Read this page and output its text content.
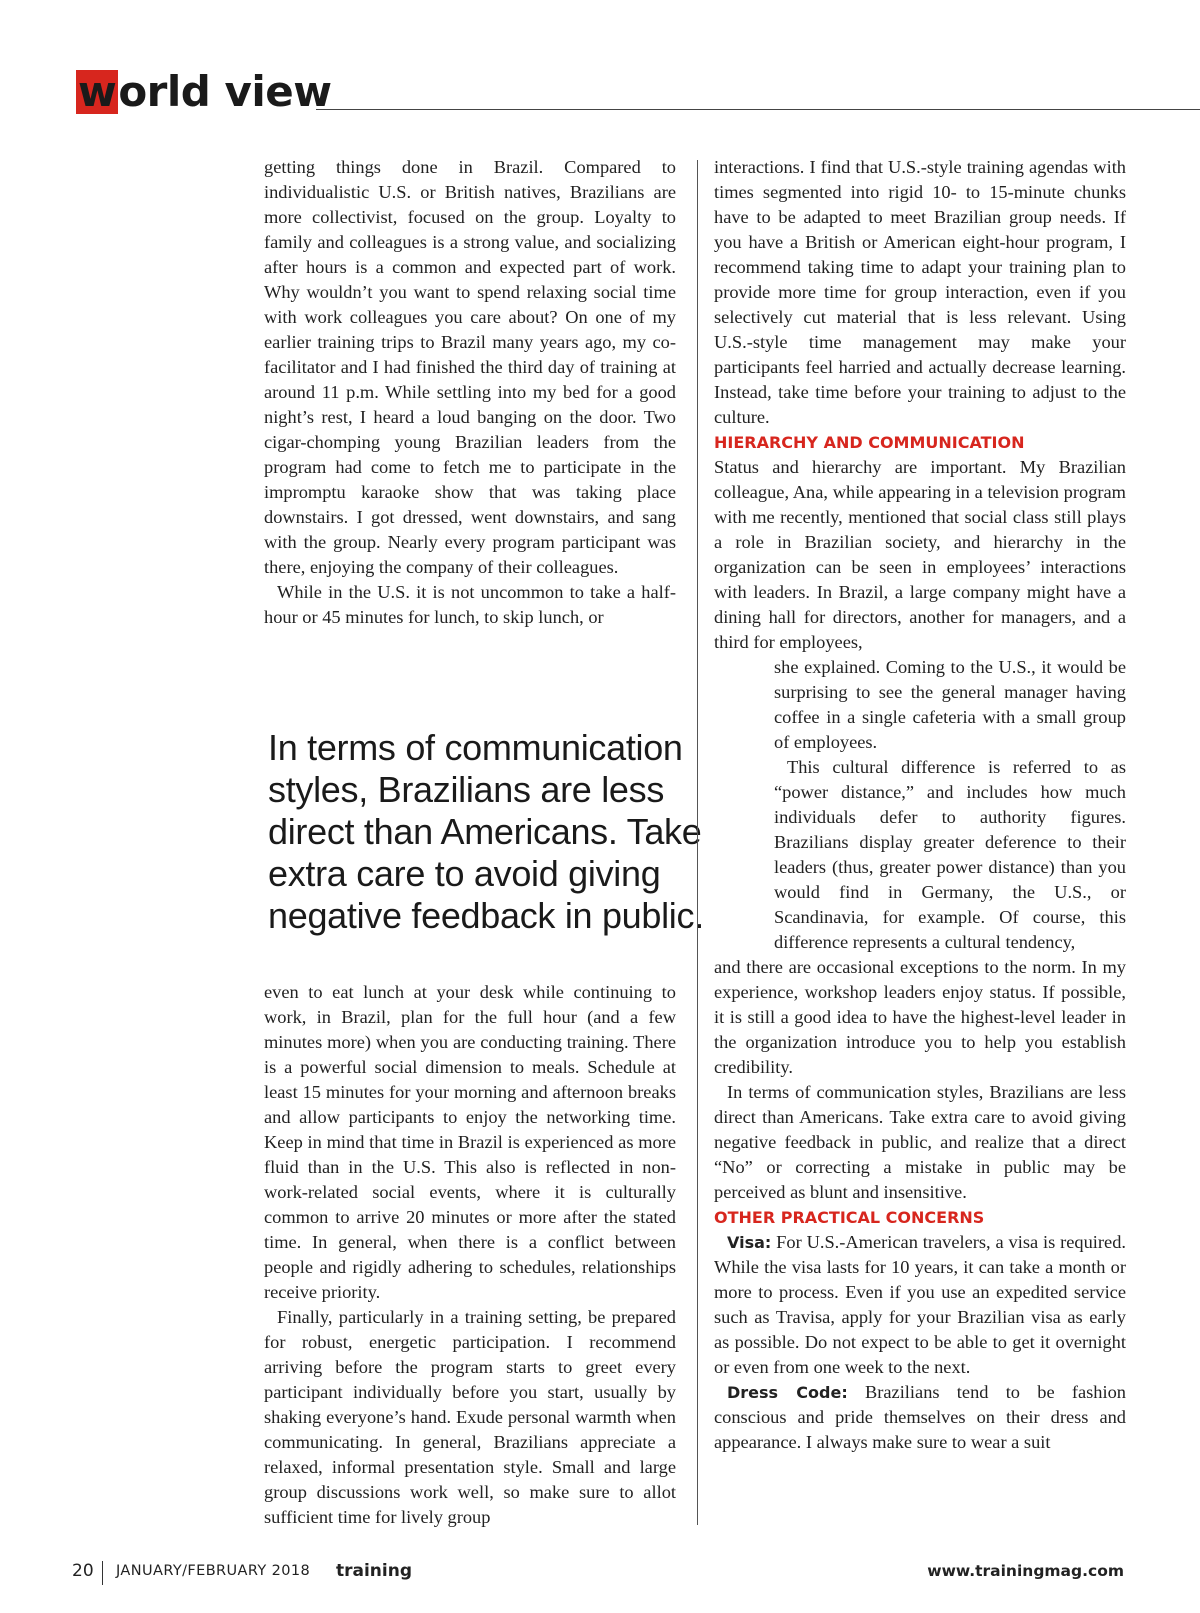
world view

getting things done in Brazil. Compared to individualistic U.S. or British natives, Brazilians are more collectivist, focused on the group. Loyalty to family and colleagues is a strong value, and socializing after hours is a common and expected part of work. Why wouldn’t you want to spend relaxing social time with work colleagues you care about? On one of my earlier training trips to Brazil many years ago, my co-facilitator and I had finished the third day of training at around 11 p.m. While settling into my bed for a good night’s rest, I heard a loud banging on the door. Two cigar-chomping young Brazilian leaders from the program had come to fetch me to participate in the impromptu karaoke show that was taking place downstairs. I got dressed, went downstairs, and sang with the group. Nearly every program participant was there, enjoying the company of their colleagues.

While in the U.S. it is not uncommon to take a half-hour or 45 minutes for lunch, to skip lunch, or

In terms of communication styles, Brazilians are less direct than Americans. Take extra care to avoid giving negative feedback in public.

even to eat lunch at your desk while continuing to work, in Brazil, plan for the full hour (and a few minutes more) when you are conducting training. There is a powerful social dimension to meals. Schedule at least 15 minutes for your morning and afternoon breaks and allow participants to enjoy the networking time. Keep in mind that time in Brazil is experienced as more fluid than in the U.S. This also is reflected in non-work-related social events, where it is culturally common to arrive 20 minutes or more after the stated time. In general, when there is a conflict between people and rigidly adhering to schedules, relationships receive priority.

Finally, particularly in a training setting, be prepared for robust, energetic participation. I recommend arriving before the program starts to greet every participant individually before you start, usually by shaking everyone’s hand. Exude personal warmth when communicating. In general, Brazilians appreciate a relaxed, informal presentation style. Small and large group discussions work well, so make sure to allot sufficient time for lively group

interactions. I find that U.S.-style training agendas with times segmented into rigid 10- to 15-minute chunks have to be adapted to meet Brazilian group needs. If you have a British or American eight-hour program, I recommend taking time to adapt your training plan to provide more time for group interaction, even if you selectively cut material that is less relevant. Using U.S.-style time management may make your participants feel harried and actually decrease learning. Instead, take time before your training to adjust to the culture.

HIERARCHY AND COMMUNICATION

Status and hierarchy are important. My Brazilian colleague, Ana, while appearing in a television program with me recently, mentioned that social class still plays a role in Brazilian society, and hierarchy in the organization can be seen in employees’ interactions with leaders. In Brazil, a large company might have a dining hall for directors, another for managers, and a third for employees,

she explained. Coming to the U.S., it would be surprising to see the general manager having coffee in a single cafeteria with a small group of employees.

This cultural difference is referred to as “power distance,” and includes how much individuals defer to authority figures. Brazilians display greater deference to their leaders (thus, greater power distance) than you would find in Germany, the U.S., or Scandinavia, for example. Of course, this difference represents a cultural tendency,

and there are occasional exceptions to the norm. In my experience, workshop leaders enjoy status. If possible, it is still a good idea to have the highest-level leader in the organization introduce you to help you establish credibility.

In terms of communication styles, Brazilians are less direct than Americans. Take extra care to avoid giving negative feedback in public, and realize that a direct “No” or correcting a mistake in public may be perceived as blunt and insensitive.

OTHER PRACTICAL CONCERNS

Visa: For U.S.-American travelers, a visa is required. While the visa lasts for 10 years, it can take a month or more to process. Even if you use an expedited service such as Travisa, apply for your Brazilian visa as early as possible. Do not expect to be able to get it overnight or even from one week to the next.

Dress Code: Brazilians tend to be fashion conscious and pride themselves on their dress and appearance. I always make sure to wear a suit

20 JANUARY/FEBRUARY 2018 training	www.trainingmag.com
